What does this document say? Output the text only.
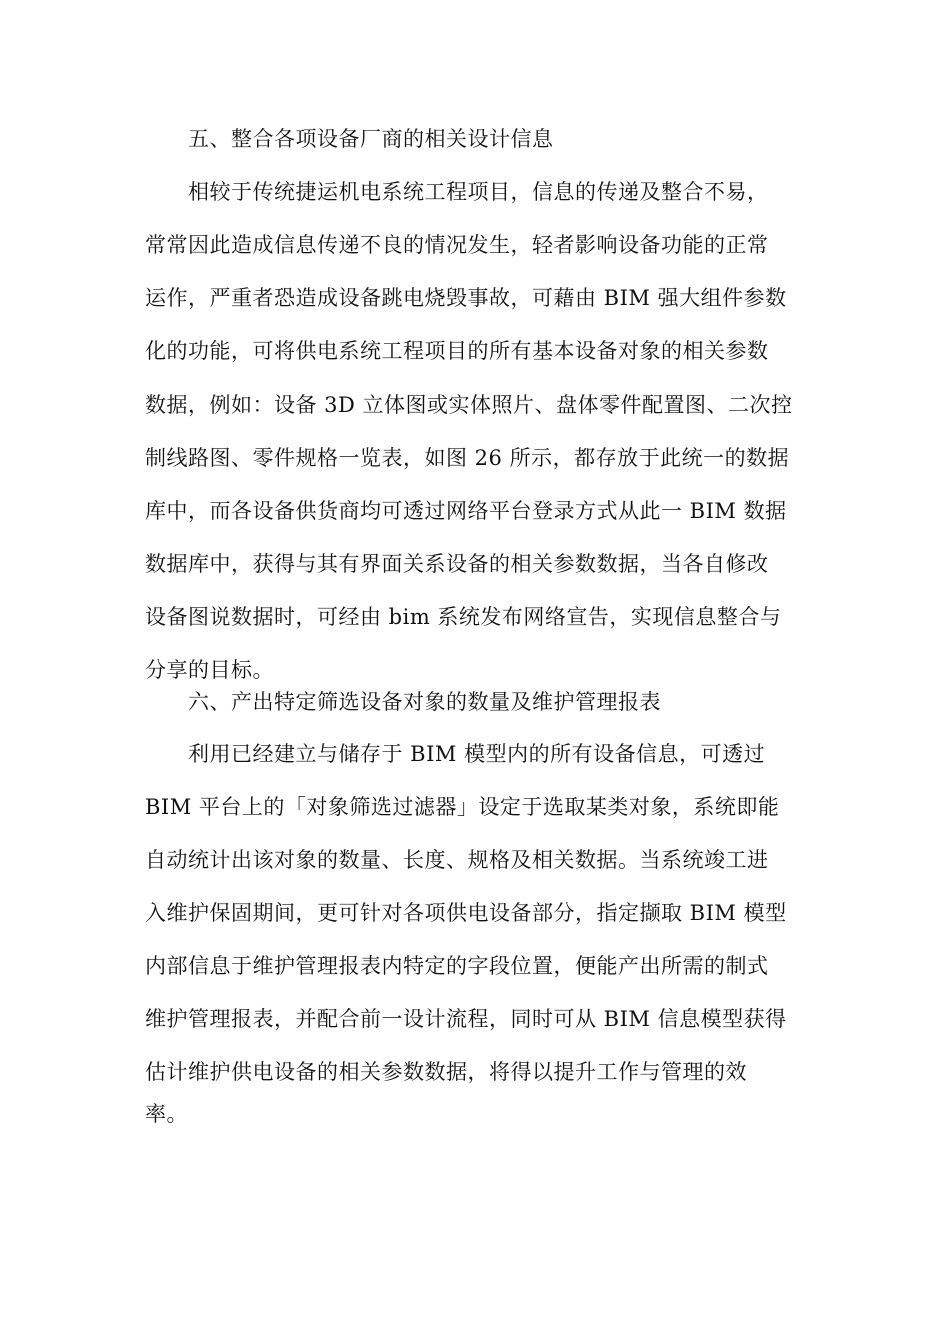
五、整合各项设备厂商的相关设计信息
相较于传统捷运机电系统工程项目，信息的传递及整合不易，
常常因此造成信息传递不良的情况发生，轻者影响设备功能的正常
运作，严重者恐造成设备跳电烧毁事故，可藉由 BIM 强大组件参数
化的功能，可将供电系统工程项目的所有基本设备对象的相关参数
数据，例如：设备 3D 立体图或实体照片、盘体零件配置图、二次控
制线路图、零件规格一览表，如图 26 所示，都存放于此统一的数据
库中，而各设备供货商均可透过网络平台登录方式从此一 BIM 数据
数据库中，获得与其有界面关系设备的相关参数数据，当各自修改
设备图说数据时，可经由 bim 系统发布网络宣告，实现信息整合与
分享的目标。
六、产出特定筛选设备对象的数量及维护管理报表
利用已经建立与储存于 BIM 模型内的所有设备信息，可透过
BIM 平台上的「对象筛选过滤器」设定于选取某类对象，系统即能
自动统计出该对象的数量、长度、规格及相关数据。当系统竣工进
入维护保固期间，更可针对各项供电设备部分，指定撷取 BIM 模型
内部信息于维护管理报表内特定的字段位置，便能产出所需的制式
维护管理报表，并配合前一设计流程，同时可从 BIM 信息模型获得
估计维护供电设备的相关参数数据，将得以提升工作与管理的效
率。
